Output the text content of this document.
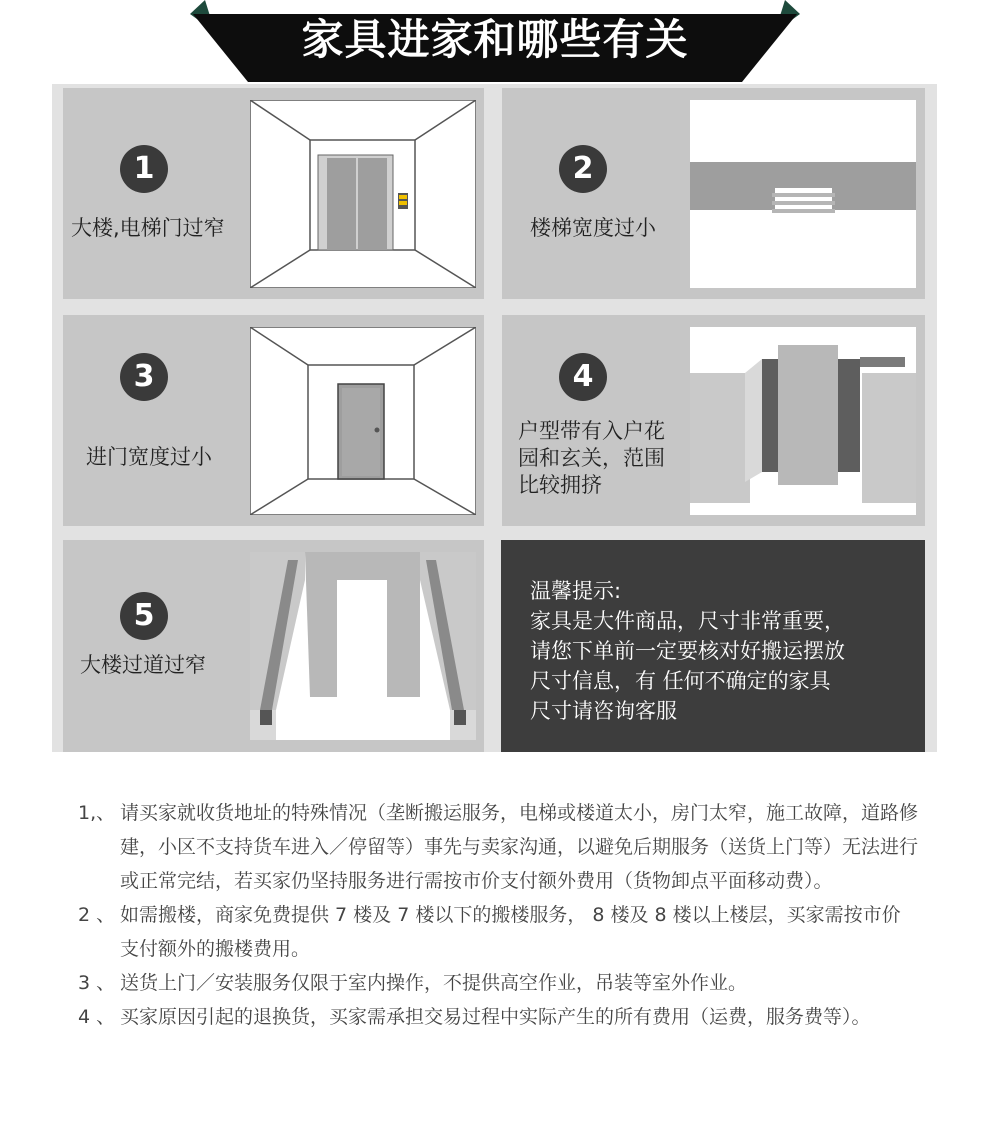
家具进家和哪些有关
1
大楼,电梯门过窄
2
楼梯宽度过小
3
进门宽度过小
4
户型带有入户花
园和玄关，范围
比较拥挤
5
大楼过道过窄
温馨提示:
家具是大件商品，尺寸非常重要，
请您下单前一定要核对好搬运摆放
尺寸信息，有 任何不确定的家具
尺寸请咨询客服
1,、 请买家就收货地址的特殊情况（垄断搬运服务，电梯或楼道太小，房门太窄，施工故障，道路修建，小区不支持货车进入／停留等）事先与卖家沟通，以避免后期服务（送货上门等）无法进行或正常完结，若买家仍坚持服务进行需按市价支付额外费用（货物卸点平面移动费）。
2 、 如需搬楼，商家免费提供 7 楼及 7 楼以下的搬楼服务， 8 楼及 8 楼以上楼层，买家需按市价支付额外的搬楼费用。
3 、 送货上门／安装服务仅限于室内操作，不提供高空作业，吊装等室外作业。
4 、 买家原因引起的退换货，买家需承担交易过程中实际产生的所有费用（运费，服务费等）。
